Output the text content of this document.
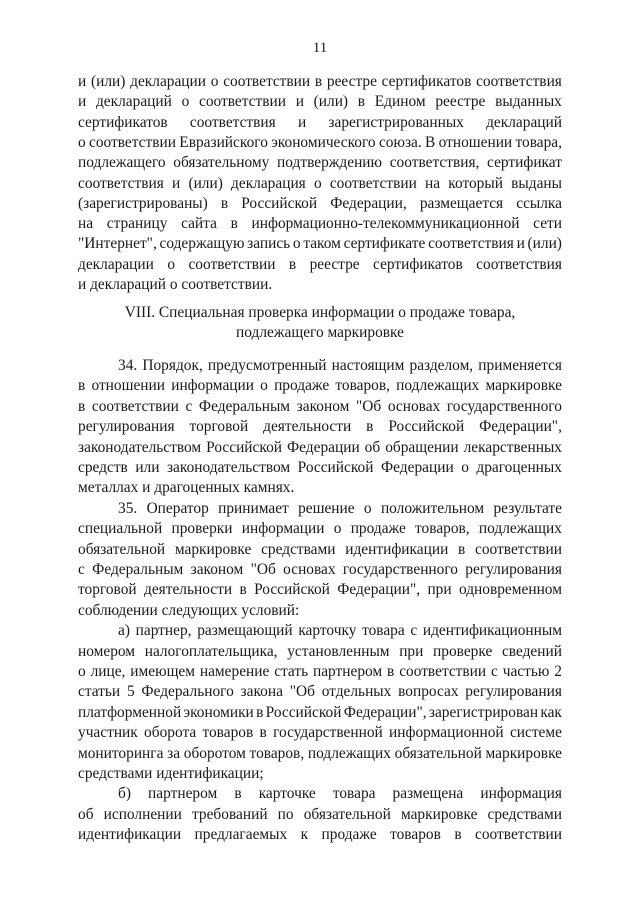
11
и (или) декларации о соответствии в реестре сертификатов соответствия
и деклараций о соответствии и (или) в Едином реестре выданных
сертификатов соответствия и зарегистрированных деклараций
о соответствии Евразийского экономического союза. В отношении товара,
подлежащего обязательному подтверждению соответствия, сертификат
соответствия и (или) декларация о соответствии на который выданы
(зарегистрированы) в Российской Федерации, размещается ссылка
на страницу сайта в информационно-телекоммуникационной сети
"Интернет", содержащую запись о таком сертификате соответствия и (или)
декларации о соответствии в реестре сертификатов соответствия
и деклараций о соответствии.
VIII. Специальная проверка информации о продаже товара,
подлежащего маркировке
34. Порядок, предусмотренный настоящим разделом, применяется
в отношении информации о продаже товаров, подлежащих маркировке
в соответствии с Федеральным законом "Об основах государственного
регулирования торговой деятельности в Российской Федерации",
законодательством Российской Федерации об обращении лекарственных
средств или законодательством Российской Федерации о драгоценных
металлах и драгоценных камнях.
35. Оператор принимает решение о положительном результате
специальной проверки информации о продаже товаров, подлежащих
обязательной маркировке средствами идентификации в соответствии
с Федеральным законом "Об основах государственного регулирования
торговой деятельности в Российской Федерации", при одновременном
соблюдении следующих условий:
а) партнер, размещающий карточку товара с идентификационным
номером налогоплательщика, установленным при проверке сведений
о лице, имеющем намерение стать партнером в соответствии с частью 2
статьи 5 Федерального закона "Об отдельных вопросах регулирования
платформенной экономики в Российской Федерации", зарегистрирован как
участник оборота товаров в государственной информационной системе
мониторинга за оборотом товаров, подлежащих обязательной маркировке
средствами идентификации;
б) партнером в карточке товара размещена информация
об исполнении требований по обязательной маркировке средствами
идентификации предлагаемых к продаже товаров в соответствии
